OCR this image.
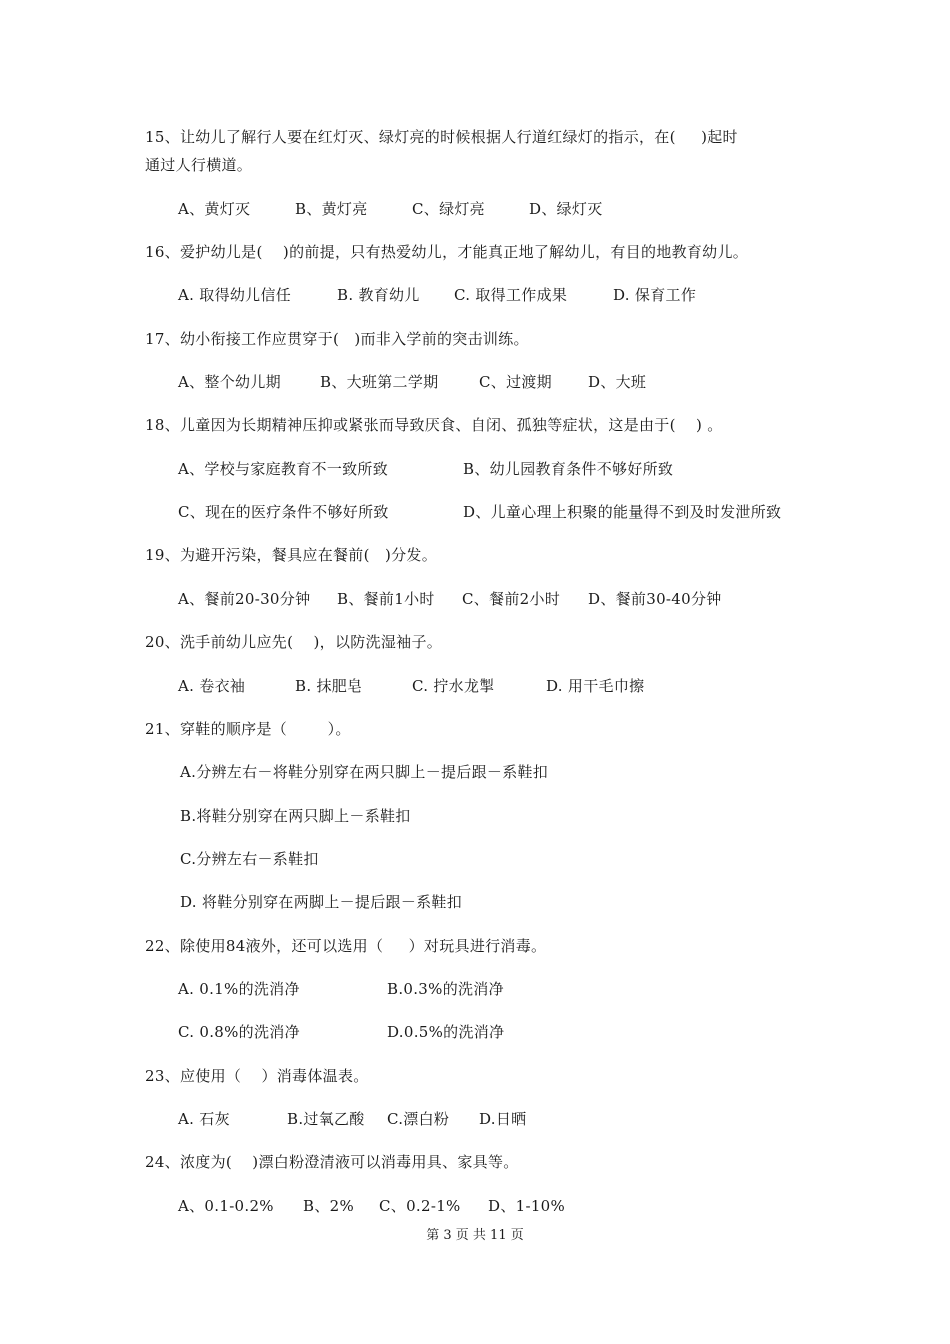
15、让幼儿了解行人要在红灯灭、绿灯亮的时候根据人行道红绿灯的指示，在(     )起时
通过人行横道。
A、黄灯灭	B、黄灯亮	C、绿灯亮	D、绿灯灭
16、爱护幼儿是(    )的前提，只有热爱幼儿，才能真正地了解幼儿，有目的地教育幼儿。
A. 取得幼儿信任	B. 教育幼儿 C. 取得工作成果	D. 保育工作
17、幼小衔接工作应贯穿于(   )而非入学前的突击训练。
A、整个幼儿期	B、大班第二学期	C、过渡期 D、大班
18、儿童因为长期精神压抑或紧张而导致厌食、自闭、孤独等症状，这是由于(    ) 。
A、学校与家庭教育不一致所致	B、幼儿园教育条件不够好所致
C、现在的医疗条件不够好所致	D、儿童心理上积聚的能量得不到及时发泄所致
19、为避开污染，餐具应在餐前(   )分发。
A、餐前20-30分钟 B、餐前1小时 C、餐前2小时 D、餐前30-40分钟
20、洗手前幼儿应先(    )，以防洗湿袖子。
A. 卷衣袖	B. 抹肥皂	C. 拧水龙掣	D. 用干毛巾擦
21、穿鞋的顺序是（        ）。
A.分辨左右－将鞋分别穿在两只脚上－提后跟－系鞋扣
B.将鞋分别穿在两只脚上－系鞋扣
C.分辨左右－系鞋扣
D. 将鞋分别穿在两脚上－提后跟－系鞋扣
22、除使用84液外，还可以选用（     ）对玩具进行消毒。
A. 0.1%的洗消净	B.0.3%的洗消净
C. 0.8%的洗消净	D.0.5%的洗消净
23、应使用（    ）消毒体温表。
A. 石灰	B.过氧乙酸 C.漂白粉 D.日晒
24、浓度为(    )漂白粉澄清液可以消毒用具、家具等。
A、0.1-0.2% B、2% C、0.2-1% D、1-10%
第 3 页 共 11 页
